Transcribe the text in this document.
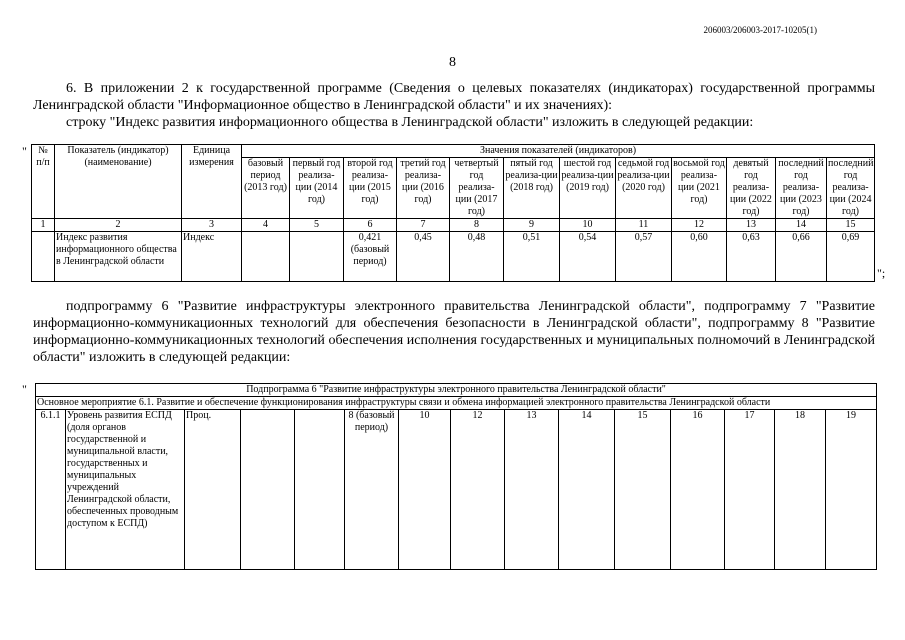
206003/206003-2017-10205(1)
8

6. В приложении 2 к государственной программе (Сведения о целевых показателях (индикаторах) государственной программы Ленинградской области "Информационное общество в Ленинградской области" и их значениях):

строку "Индекс развития информационного общества в Ленинградской области" изложить в следующей редакции:

" № п/п	Показатель (индикатор) (наименование)	Единица измерения	Значения показателей (индикаторов)											
			базовый период (2013 год)	первый год реализа-ции (2014 год)	второй год реализа-ции (2015 год)	третий год реализа-ции (2016 год)	четвертый год реализа-ции (2017 год)	пятый год реализа-ции (2018 год)	шестой год реализа-ции (2019 год)	седьмой год реализа-ции (2020 год)	восьмой год реализа-ции (2021 год)	девятый год реализа-ции (2022 год)	последний год реализа-ции (2023 год)	последний год реализа-ции (2024 год)
1	2	3	4	5	6	7	8	9	10	11	12	13	14	15
	Индекс развития информационного общества в Ленинградской области	Индекс			0,421 (базовый период)	0,45	0,48	0,51	0,54	0,57	0,60	0,63	0,66	0,69
";

подпрограмму 6 "Развитие инфраструктуры электронного правительства Ленинградской области", подпрограмму 7 "Развитие информационно-коммуникационных технологий для обеспечения безопасности в Ленинградской области", подпрограмму 8 "Развитие информационно-коммуникационных технологий обеспечения исполнения государственных и муниципальных полномочий в Ленинградской области" изложить в следующей редакции:

"	Подпрограмма 6 "Развитие инфраструктуры электронного правительства Ленинградской области"
Основное мероприятие 6.1. Развитие и обеспечение функционирования инфраструктуры связи и обмена информацией электронного правительства Ленинградской области
6.1.1	Уровень развития ЕСПД (доля органов государственной и муниципальной власти, государственных и муниципальных учреждений Ленинградской области, обеспеченных проводным доступом к ЕСПД)	Проц.			8 (базовый период)	10	12	13	14	15	16	17	18	19
